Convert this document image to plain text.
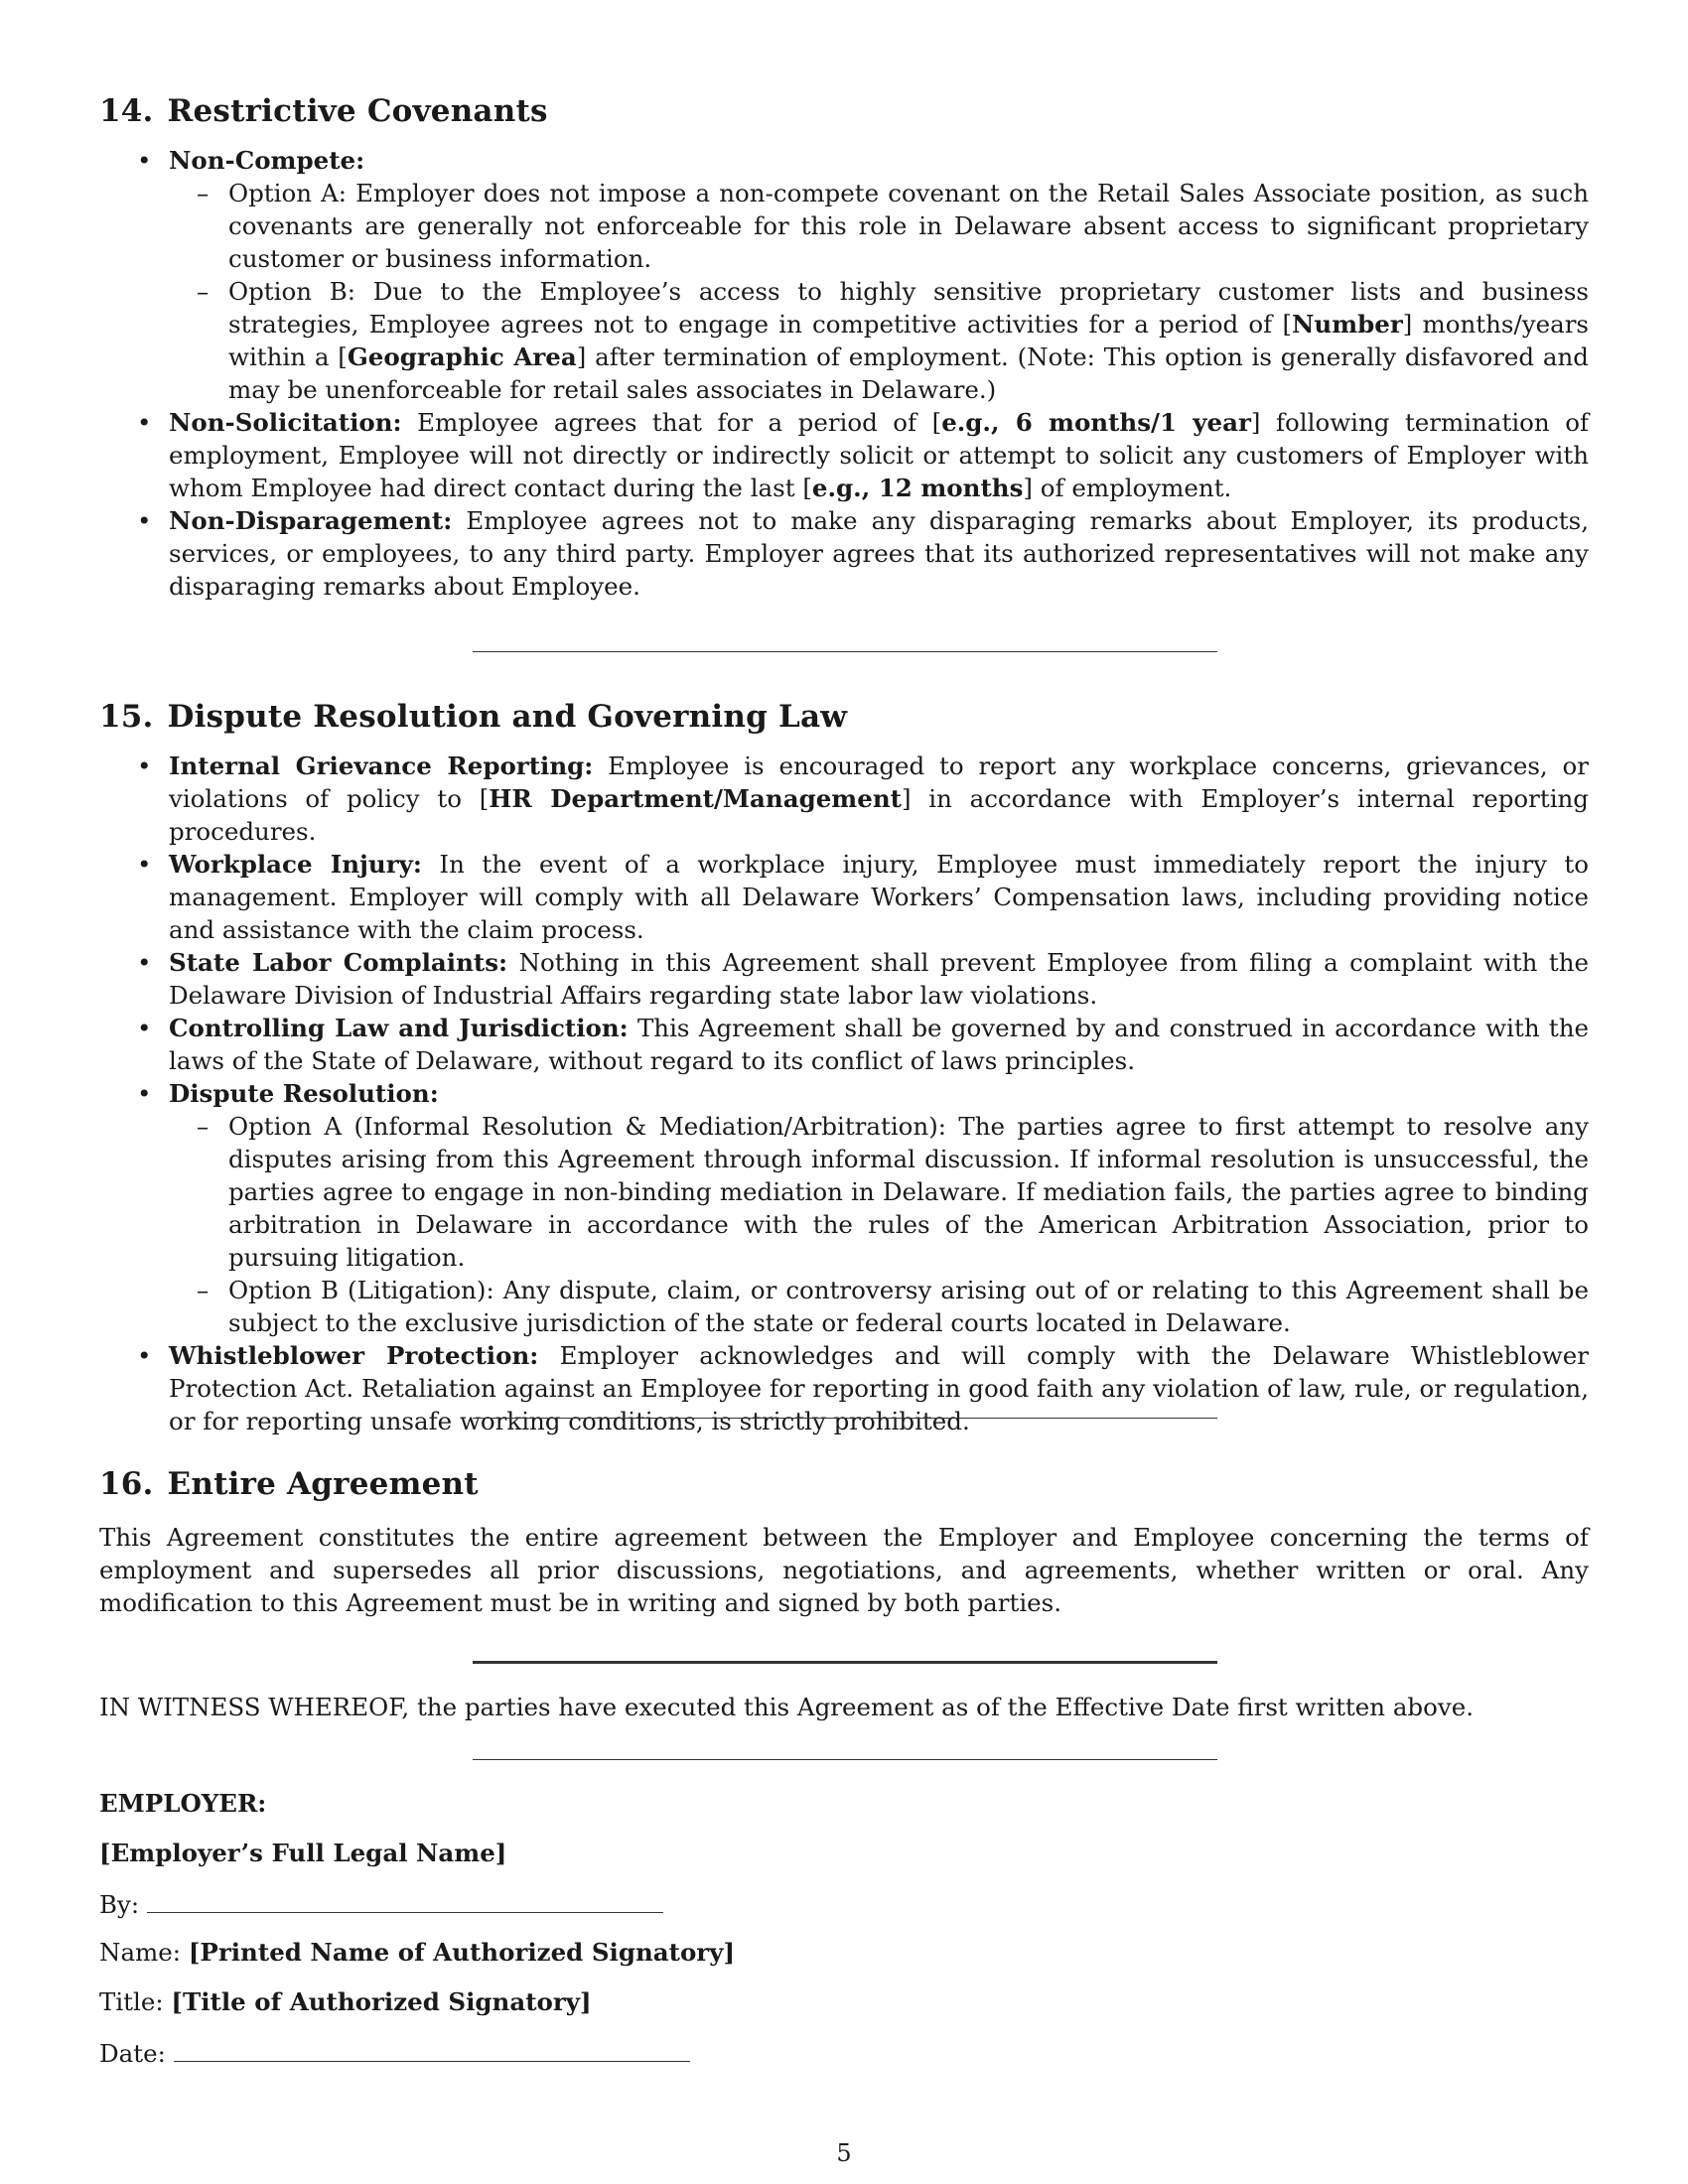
14. Restrictive Covenants
• Non-Compete:
– Option A: Employer does not impose a non-compete covenant on the Retail Sales Associate position, as such covenants are generally not enforceable for this role in Delaware absent access to significant proprietary customer or business information.
– Option B: Due to the Employee’s access to highly sensitive proprietary customer lists and business strategies, Employee agrees not to engage in competitive activities for a period of [Number] months/years within a [Geographic Area] after termination of employment. (Note: This option is generally disfavored and may be unenforceable for retail sales associates in Delaware.)
• Non-Solicitation: Employee agrees that for a period of [e.g., 6 months/1 year] following termination of employment, Employee will not directly or indirectly solicit or attempt to solicit any customers of Employer with whom Employee had direct contact during the last [e.g., 12 months] of employment.
• Non-Disparagement: Employee agrees not to make any disparaging remarks about Employer, its products, services, or employees, to any third party. Employer agrees that its authorized representatives will not make any disparaging remarks about Employee.
15. Dispute Resolution and Governing Law
• Internal Grievance Reporting: Employee is encouraged to report any workplace concerns, grievances, or violations of policy to [HR Department/Management] in accordance with Employer’s internal reporting procedures.
• Workplace Injury: In the event of a workplace injury, Employee must immediately report the injury to management. Employer will comply with all Delaware Workers’ Compensation laws, including providing notice and assistance with the claim process.
• State Labor Complaints: Nothing in this Agreement shall prevent Employee from filing a complaint with the Delaware Division of Industrial Affairs regarding state labor law violations.
• Controlling Law and Jurisdiction: This Agreement shall be governed by and construed in accordance with the laws of the State of Delaware, without regard to its conflict of laws principles.
• Dispute Resolution:
– Option A (Informal Resolution & Mediation/Arbitration): The parties agree to first attempt to resolve any disputes arising from this Agreement through informal discussion. If informal resolution is unsuccessful, the parties agree to engage in non-binding mediation in Delaware. If mediation fails, the parties agree to binding arbitration in Delaware in accordance with the rules of the American Arbitration Association, prior to pursuing litigation.
– Option B (Litigation): Any dispute, claim, or controversy arising out of or relating to this Agreement shall be subject to the exclusive jurisdiction of the state or federal courts located in Delaware.
• Whistleblower Protection: Employer acknowledges and will comply with the Delaware Whistleblower Protection Act. Retaliation against an Employee for reporting in good faith any violation of law, rule, or regulation, or for reporting unsafe working conditions, is strictly prohibited.
16. Entire Agreement

This Agreement constitutes the entire agreement between the Employer and Employee concerning the terms of employment and supersedes all prior discussions, negotiations, and agreements, whether written or oral. Any modification to this Agreement must be in writing and signed by both parties.

IN WITNESS WHEREOF, the parties have executed this Agreement as of the Effective Date first written above.

EMPLOYER:

[Employer’s Full Legal Name]

By:

Name: [Printed Name of Authorized Signatory]

Title: [Title of Authorized Signatory]

Date:

5
